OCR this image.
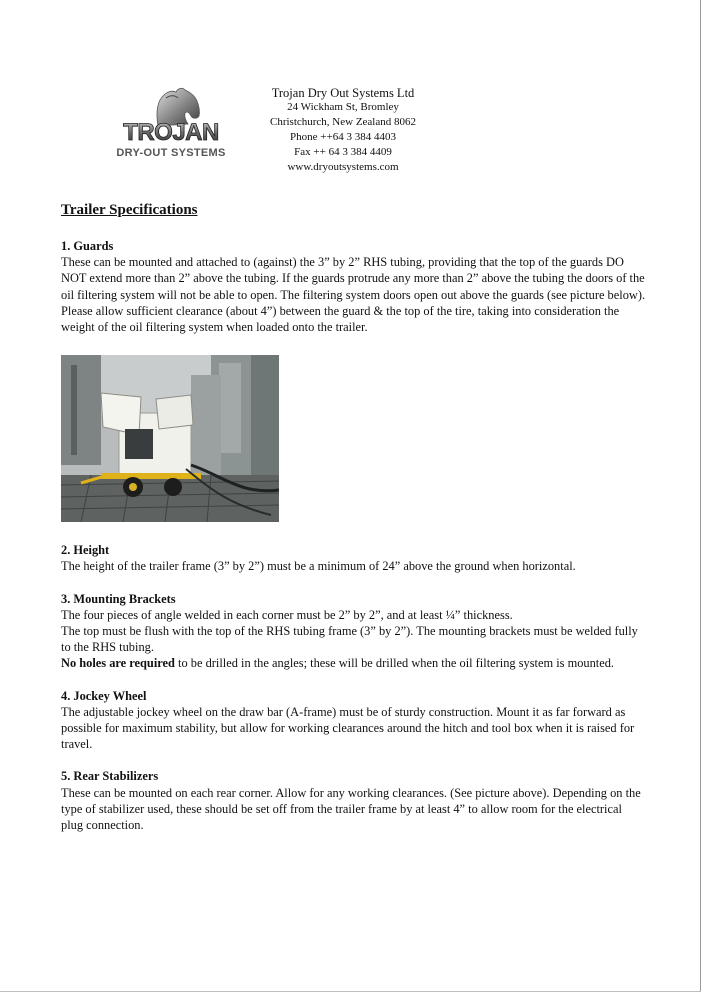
TROJAN
DRY-OUT SYSTEMS
Trojan Dry Out Systems Ltd
24 Wickham St, Bromley
Christchurch, New Zealand 8062
Phone ++64 3 384 4403
Fax ++ 64 3 384 4409
www.dryoutsystems.com
Trailer Specifications
1. Guards

These can be mounted and attached to (against) the 3” by 2” RHS tubing, providing that the top of the guards DO NOT extend more than 2” above the tubing. If the guards protrude any more than 2” above the tubing the doors of the oil filtering system will not be able to open. The filtering system doors open out above the guards (see picture below).

Please allow sufficient clearance (about 4”) between the guard & the top of the tire, taking into consideration the weight of the oil filtering system when loaded onto the trailer.

2. Height

The height of the trailer frame (3” by 2”) must be a minimum of 24” above the ground when horizontal.

3. Mounting Brackets

The four pieces of angle welded in each corner must be 2” by 2”, and at least ¼” thickness.

The top must be flush with the top of the RHS tubing frame (3” by 2”). The mounting brackets must be welded fully to the RHS tubing.

No holes are required to be drilled in the angles; these will be drilled when the oil filtering system is mounted.

4. Jockey Wheel

The adjustable jockey wheel on the draw bar (A-frame) must be of sturdy construction. Mount it as far forward as possible for maximum stability, but allow for working clearances around the hitch and tool box when it is raised for travel.

5. Rear Stabilizers

These can be mounted on each rear corner. Allow for any working clearances. (See picture above). Depending on the type of stabilizer used, these should be set off from the trailer frame by at least 4” to allow room for the electrical plug connection.
